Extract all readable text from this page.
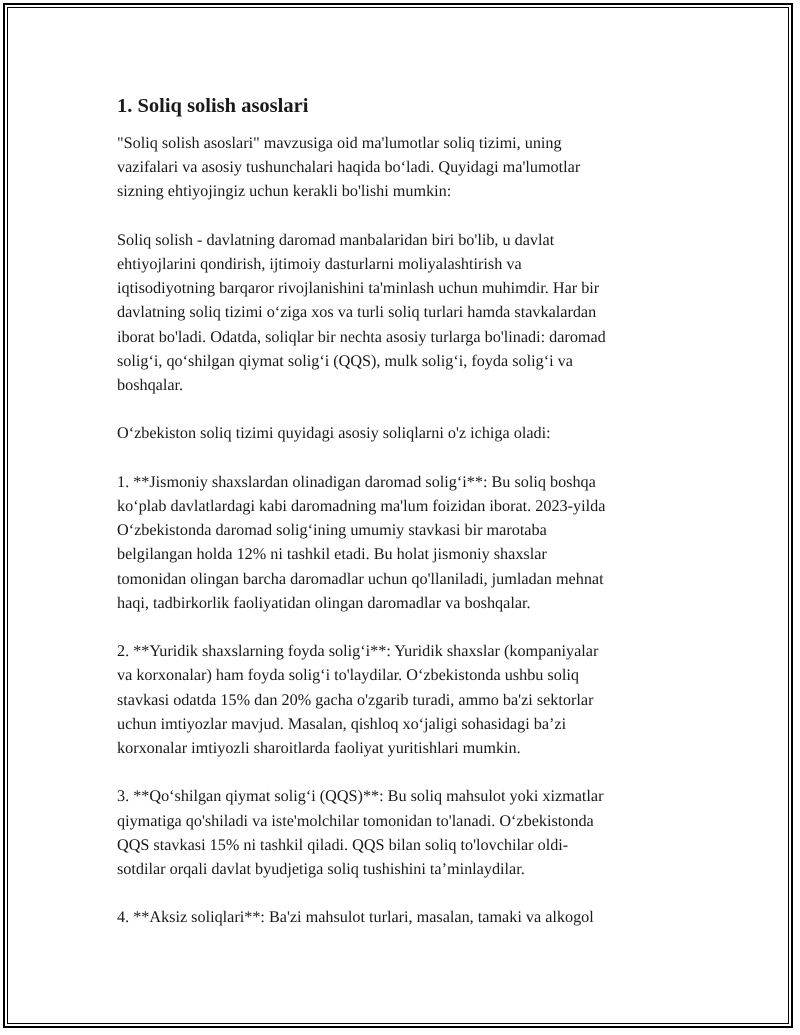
1. Soliq solish asoslari

"Soliq solish asoslari" mavzusiga oid ma'lumotlar soliq tizimi, uning
vazifalari va asosiy tushunchalari haqida bo‘ladi. Quyidagi ma'lumotlar
sizning ehtiyojingiz uchun kerakli bo'lishi mumkin:

Soliq solish - davlatning daromad manbalaridan biri bo'lib, u davlat
ehtiyojlarini qondirish, ijtimoiy dasturlarni moliyalashtirish va
iqtisodiyotning barqaror rivojlanishini ta'minlash uchun muhimdir. Har bir
davlatning soliq tizimi o‘ziga xos va turli soliq turlari hamda stavkalardan
iborat bo'ladi. Odatda, soliqlar bir nechta asosiy turlarga bo'linadi: daromad
solig‘i, qo‘shilgan qiymat solig‘i (QQS), mulk solig‘i, foyda solig‘i va
boshqalar.

O‘zbekiston soliq tizimi quyidagi asosiy soliqlarni o'z ichiga oladi:

1. **Jismoniy shaxslardan olinadigan daromad solig‘i**: Bu soliq boshqa
ko‘plab davlatlardagi kabi daromadning ma'lum foizidan iborat. 2023-yilda
O‘zbekistonda daromad solig‘ining umumiy stavkasi bir marotaba
belgilangan holda 12% ni tashkil etadi. Bu holat jismoniy shaxslar
tomonidan olingan barcha daromadlar uchun qo'llaniladi, jumladan mehnat
haqi, tadbirkorlik faoliyatidan olingan daromadlar va boshqalar.

2. **Yuridik shaxslarning foyda solig‘i**: Yuridik shaxslar (kompaniyalar
va korxonalar) ham foyda solig‘i to'laydilar. O‘zbekistonda ushbu soliq
stavkasi odatda 15% dan 20% gacha o'zgarib turadi, ammo ba'zi sektorlar
uchun imtiyozlar mavjud. Masalan, qishloq xo‘jaligi sohasidagi ba’zi
korxonalar imtiyozli sharoitlarda faoliyat yuritishlari mumkin.

3. **Qo‘shilgan qiymat solig‘i (QQS)**: Bu soliq mahsulot yoki xizmatlar
qiymatiga qo'shiladi va iste'molchilar tomonidan to'lanadi. O‘zbekistonda
QQS stavkasi 15% ni tashkil qiladi. QQS bilan soliq to'lovchilar oldi-
sotdilar orqali davlat byudjetiga soliq tushishini ta’minlaydilar.

4. **Aksiz soliqlari**: Ba'zi mahsulot turlari, masalan, tamaki va alkogol
